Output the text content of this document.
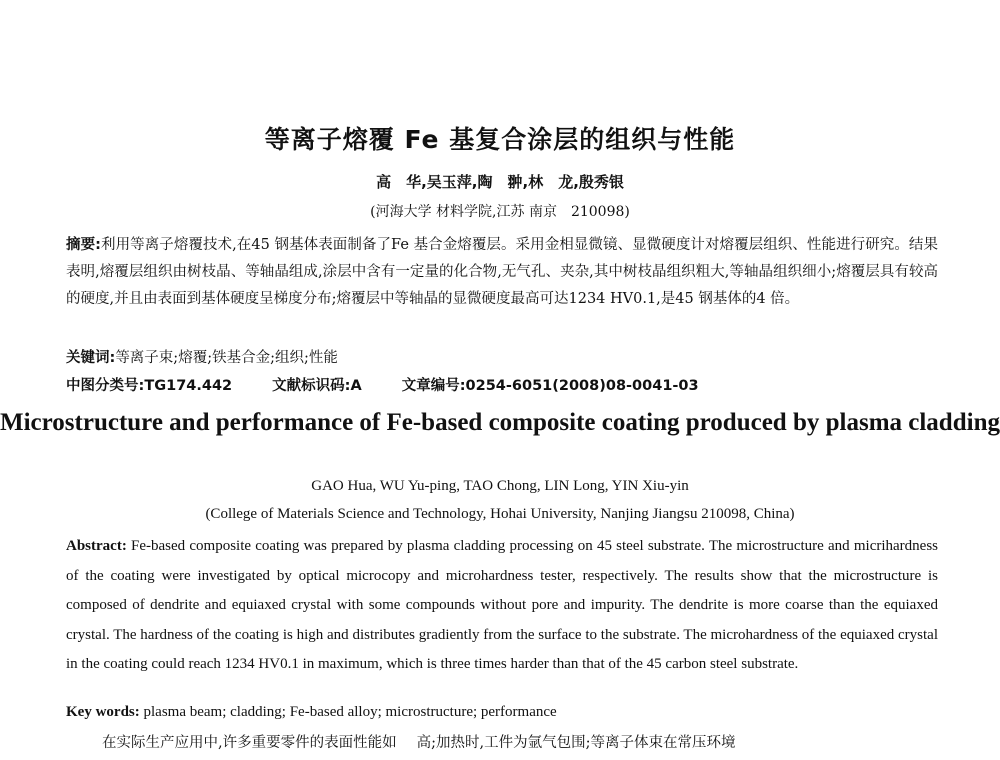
等离子熔覆 Fe 基复合涂层的组织与性能
高　华,吴玉萍,陶　翀,林　龙,殷秀银
(河海大学 材料学院,江苏 南京　210098)
摘要:利用等离子熔覆技术,在45 钢基体表面制备了Fe 基合金熔覆层。采用金相显微镜、显微硬度计对熔覆层组织、性能进行研究。结果表明,熔覆层组织由树枝晶、等轴晶组成,涂层中含有一定量的化合物,无气孔、夹杂,其中树枝晶组织粗大,等轴晶组织细小;熔覆层具有较高的硬度,并且由表面到基体硬度呈梯度分布;熔覆层中等轴晶的显微硬度最高可达1234 HV0.1,是45 钢基体的4 倍。
关键词:等离子束;熔覆;铁基合金;组织;性能
中图分类号:TG174.442	文献标识码:A	文章编号:0254-6051(2008)08-0041-03
Microstructure and performance of Fe-based composite coating produced by plasma cladding
GAO Hua, WU Yu-ping, TAO Chong, LIN Long, YIN Xiu-yin
(College of Materials Science and Technology, Hohai University, Nanjing Jiangsu 210098, China)
Abstract: Fe-based composite coating was prepared by plasma cladding processing on 45 steel substrate. The microstructure and micrihardness of the coating were investigated by optical microcopy and microhardness tester, respectively. The results show that the microstructure is composed of dendrite and equiaxed crystal with some compounds without pore and impurity. The dendrite is more coarse than the equiaxed crystal. The hardness of the coating is high and distributes gradiently from the surface to the substrate. The microhardness of the equiaxed crystal in the coating could reach 1234 HV0.1 in maximum, which is three times harder than that of the 45 carbon steel substrate.
Key words: plasma beam; cladding; Fe-based alloy; microstructure; performance
在实际生产应用中,许多重要零件的表面性能如 高;加热时,工件为氩气包围;等离子体束在常压环境
